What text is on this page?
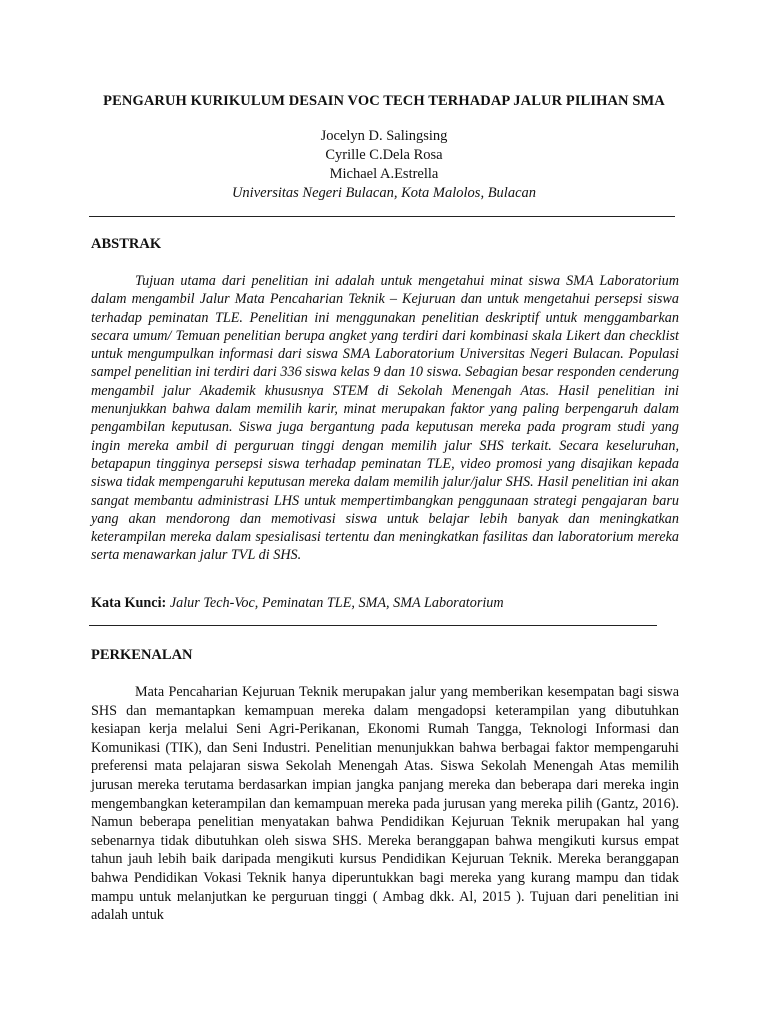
PENGARUH KURIKULUM DESAIN VOC TECH TERHADAP JALUR PILIHAN SMA
Jocelyn D. Salingsing
Cyrille C.Dela Rosa
Michael A.Estrella
Universitas Negeri Bulacan, Kota Malolos, Bulacan
ABSTRAK

Tujuan utama dari penelitian ini adalah untuk mengetahui minat siswa SMA Laboratorium dalam mengambil Jalur Mata Pencaharian Teknik – Kejuruan dan untuk mengetahui persepsi siswa terhadap peminatan TLE. Penelitian ini menggunakan penelitian deskriptif untuk menggambarkan secara umum/ Temuan penelitian berupa angket yang terdiri dari kombinasi skala Likert dan checklist untuk mengumpulkan informasi dari siswa SMA Laboratorium Universitas Negeri Bulacan. Populasi sampel penelitian ini terdiri dari 336 siswa kelas 9 dan 10 siswa. Sebagian besar responden cenderung mengambil jalur Akademik khususnya STEM di Sekolah Menengah Atas. Hasil penelitian ini menunjukkan bahwa dalam memilih karir, minat merupakan faktor yang paling berpengaruh dalam pengambilan keputusan. Siswa juga bergantung pada keputusan mereka pada program studi yang ingin mereka ambil di perguruan tinggi dengan memilih jalur SHS terkait. Secara keseluruhan, betapapun tingginya persepsi siswa terhadap peminatan TLE, video promosi yang disajikan kepada siswa tidak mempengaruhi keputusan mereka dalam memilih jalur/jalur SHS. Hasil penelitian ini akan sangat membantu administrasi LHS untuk mempertimbangkan penggunaan strategi pengajaran baru yang akan mendorong dan memotivasi siswa untuk belajar lebih banyak dan meningkatkan keterampilan mereka dalam spesialisasi tertentu dan meningkatkan fasilitas dan laboratorium mereka serta menawarkan jalur TVL di SHS.

Kata Kunci: Jalur Tech-Voc, Peminatan TLE, SMA, SMA Laboratorium
PERKENALAN

Mata Pencaharian Kejuruan Teknik merupakan jalur yang memberikan kesempatan bagi siswa SHS dan memantapkan kemampuan mereka dalam mengadopsi keterampilan yang dibutuhkan kesiapan kerja melalui Seni Agri-Perikanan, Ekonomi Rumah Tangga, Teknologi Informasi dan Komunikasi (TIK), dan Seni Industri. Penelitian menunjukkan bahwa berbagai faktor mempengaruhi preferensi mata pelajaran siswa Sekolah Menengah Atas. Siswa Sekolah Menengah Atas memilih jurusan mereka terutama berdasarkan impian jangka panjang mereka dan beberapa dari mereka ingin mengembangkan keterampilan dan kemampuan mereka pada jurusan yang mereka pilih (Gantz, 2016). Namun beberapa penelitian menyatakan bahwa Pendidikan Kejuruan Teknik merupakan hal yang sebenarnya tidak dibutuhkan oleh siswa SHS. Mereka beranggapan bahwa mengikuti kursus empat tahun jauh lebih baik daripada mengikuti kursus Pendidikan Kejuruan Teknik. Mereka beranggapan bahwa Pendidikan Vokasi Teknik hanya diperuntukkan bagi mereka yang kurang mampu dan tidak mampu untuk melanjutkan ke perguruan tinggi ( Ambag dkk. Al, 2015 ). Tujuan dari penelitian ini adalah untuk
